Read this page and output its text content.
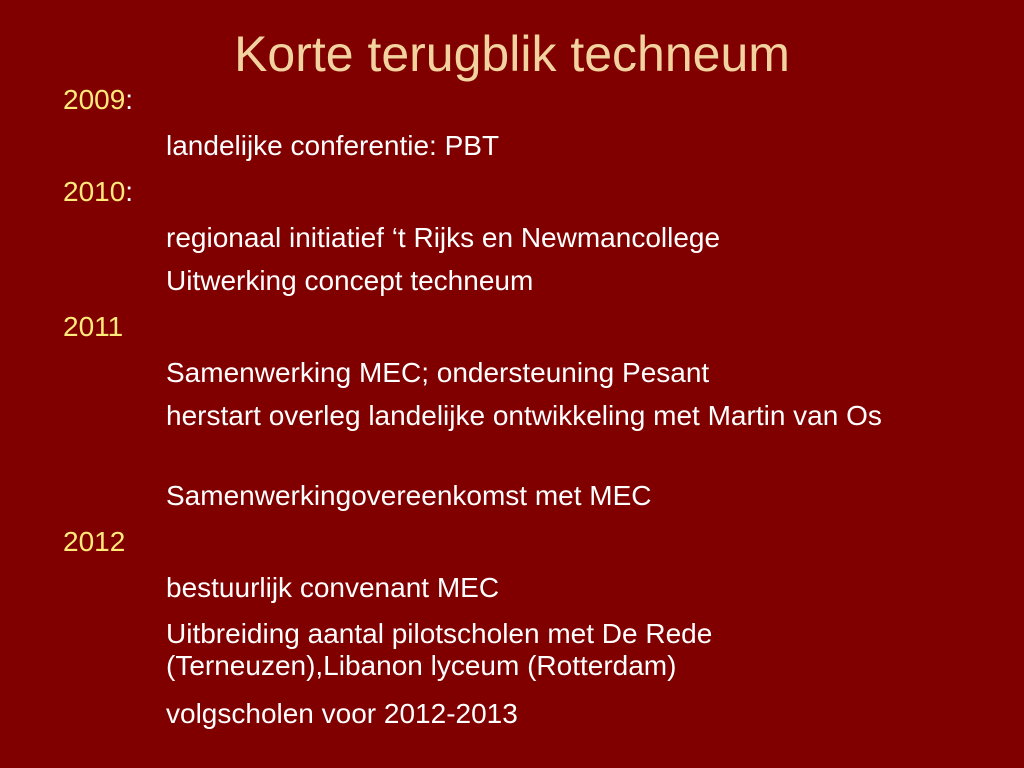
Korte terugblik techneum

2009:

landelijke conferentie: PBT

2010:

regionaal initiatief ‘t Rijks en Newmancollege

Uitwerking concept techneum

2011

Samenwerking MEC; ondersteuning Pesant

herstart overleg landelijke ontwikkeling met Martin van Os

Samenwerkingovereenkomst met MEC

2012

bestuurlijk convenant MEC

Uitbreiding aantal pilotscholen met De Rede (Terneuzen),Libanon lyceum (Rotterdam)

volgscholen voor 2012-2013
